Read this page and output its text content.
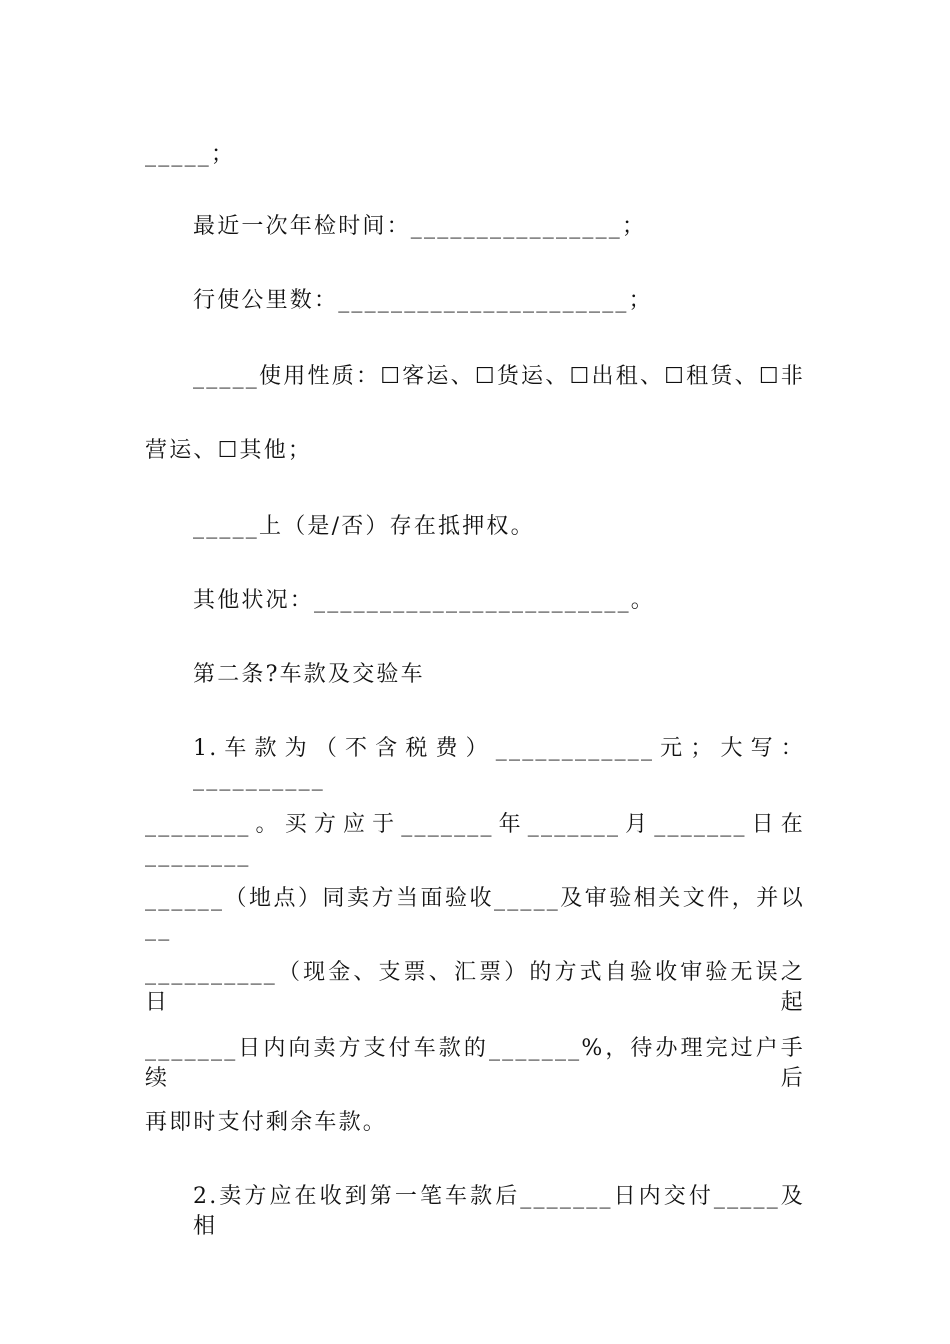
_____；
最近一次年检时间：________________；
行使公里数：______________________；
_____使用性质：☐客运、☐货运、☐出租、☐租赁、☐非
营运、☐其他；
_____上（是/否）存在抵押权。
其他状况：________________________。
第二条?车款及交验车
1.车款为（不含税费）____________元；大写：__________
________。买方应于_______年_______月_______日在________
______（地点）同卖方当面验收_____及审验相关文件，并以__
__________（现金、支票、汇票）的方式自验收审验无误之日起
_______日内向卖方支付车款的_______%，待办理完过户手续后
再即时支付剩余车款。
2.卖方应在收到第一笔车款后_______日内交付_____及相
